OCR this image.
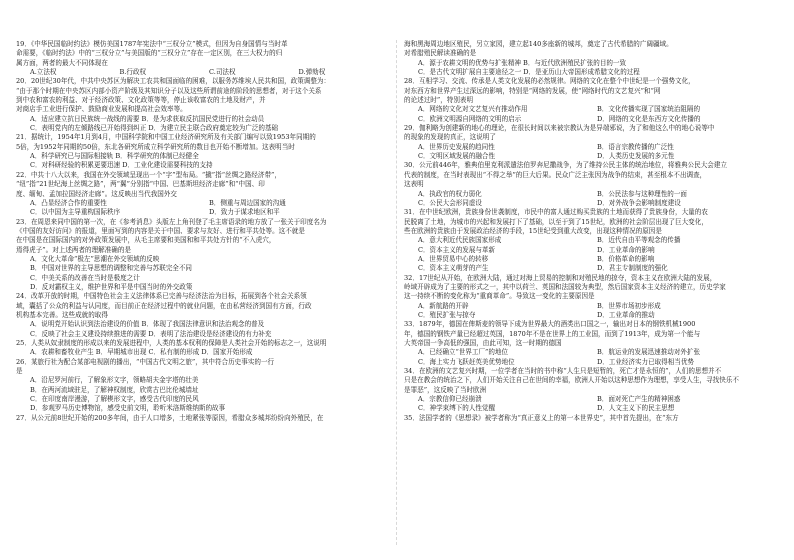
19．《中华民国临时约法》模仿美国1787年宪法中“三权分立”模式，但因为自身国情与当时革
命需要，《临时约法》中的“三权分立”与美国版的“三权分立”存在一定区别，在三大权力的归
属方面，两者的最大不同体现在
A.立法权	B.行政权	C.司法权	D.弹劾权
20．20世纪30年代，中共中央苏区为解决工农共和国面临的困难，以服务苏维埃人民共和国，政策调整为：
“由于那个时期在中央苏区内部小资产阶级及其知识分子以及这些所谓前途的阶段的思想者，对于这个关系
到中农和富农的利益、对于经济政策、文化政策等等，停止该收富农的土地及财产，并
对商店手工业进行保护、鼓励商业发展和提高社会效率等。
A．适应建立抗日民族统一战线的需要 B．是为求获取反抗国民党进行的社会动员
C．表明党内的左倾路线已开始得到纠正 D．为建立民主联合政府奠定较为广泛的基础
21．据统计，1954年1月到4月，中国科学院和中国工业经济研究所及有关部门编写以致1953年同期的
5倍，为1952年同期的50倍，东北各研究所成立科学研究所的数目也开始不断增加。这表明当时
A．科学研究已与国际相接轨 B．科学研究的体制已经健全
C．对科研经验的积累更要迅速 D．工业化建设需要科技的支持
22．中共十八大以来，我国在外交领域呈现出一个“字”型布局。“撬”指“丝绸之路经济带”，
“纽”指“21世纪海上丝绸之路”，两“翼”分别指“中国、巴基斯坦经济走廊”和“中国、印
度、缅甸、孟加拉国经济走廊”。这反映出当代我国外交
A．凸显经济合作的重要性	B．侧重与周边国家的沟通
C．以中国为主导重构国际秩序	D．致力于谋求地区和平
23．在周恩来同中国的第一次，在《参考消息》头版左上角刊登了毛主席语录的地方放了一张关于印度名为
《中国的友好访问》的报道，里面写到的内容是关于中国、要求与友好、进行和平共处等。这不就是
在中国是在国际国内的对外政策发展中，从毛主席要和美国和和平共处方针的“不入虎穴，
焉得虎子”。对上述两者的理解准确的是
A．文化大革命“极左”思潮在外交领域的反映
B．中国对世界的主导思想的调整和完善与苏联完全不同
C．中美关系的改善在当时是极度之计
D．反对霸权主义，维护世界和平是中国当时的外交政策
24．改革开放的时期，中国特色社会主义法律体系已完善与经济法治为目标，拓展到各个社会关系领
域，囊括了公众的利益与认同度，而目前正在经济过程中的就业问题，在由私营经济到国有方面，行政
机构基本完善。这些成就的取得
A．说明党开始认识到法治建设的价值 B．体现了我国法律意识和法治观念的普及
C．反映了社会主义建设持续推进的需要 D．表明了法治建设是经济建设的有力补充
25．人类从奴隶制度的形成以来的发展进程中，人类的基本权利的保障是人类社会开始的标志之一，这说明
A．农耕和畜牧业产生 B．早期城市出现 C．私有制的形成 D．国家开始形成
26．某旅行社为配合某部电视剧的播出，“中国古代文明之旅”，其中符合历史事实的一行
是
A．沿尼罗河前行，了解象形文字，领略胡夫金字塔的壮美
B．在两河流域驻足，了解神权制度，欣赏古巴比伦城墙址
C．在印度南岸漫游，了解楔形文字，感受古代印度的民风
D．参观罗马历史博物馆，感受史前文明，聆听米洛斯维纳斯的故事
27．从公元前8世纪开始的200多年间，由于人口增多，土地紧张等原因，希腊众多城邦纷纷向外殖民，在
海和黑海周边地区殖民，另立家园，建立起140多座新的城邦，奠定了古代希腊的广阔疆域。
对希腊殖民解读准确的是
A．源于农耕文明的优势与扩张精神 B．与近代欧洲殖民扩张的目的一致
C．是古代文明扩展自主要途径之一 D．是亚历山大帝国形成希腊文化的过程
28．互相学习、交流、传承是人类文化发展的必然规律。网络的文化在整个中世纪是一个强势文化，
对东西方和世界产生过深远的影响，特别是“网络的发展，使“网络时代的文艺复兴”和“网
的论述过时”，特别表明
A．网络的文化对文艺复兴有推动作用	B．文化传播实现了国家统治阻隔的
C．欧洲文明源自网络的文明的启示	D．网络的文化是东西方文化传播的
29．伽利略为创建新的地心的理论，在很长时间以来被宗教认为是异端邪说，为了和他这么中的地心说等中
的现象的发现的真正，这说明了
A．世界历史发展的趋同性	B．语言宗教传播的广泛性
C．文明区域发展的融合性	D．人类历史发展的多元性
30．公元前446年，雅典伯里克利派遣法伯罗奔尼撒战争，为了维持公民主体的统治地位，将雅典公民大会建立
代表的制度，在当时表现出“不得之举”的巨大后果。民众广泛主张因为战争的结束，甚至根本不出调查，
这表明
A．执政官的权力弱化	B．公民法参与这种理性的一面
C．公民大会形同虚设	D．对外战争会影响制度建设
31．在中世纪欧洲，贵族身份世袭制度，市民中的富人通过购买贵族的土地而获得了贵族身份，大量的农
民脱离了土地，为城市的兴起和发展打下了基础，以至于到了15世纪，欧洲的社会阶层出现了巨大变化，
些在欧洲的贵族由于发展政治经济的手段，15世纪受到重大改变，出现这种情况的原因是
A．意大利近代民族国家形成	B．近代自由平等观念的传播
C．资本主义的发展与革新	D．工业革命的影响
A．世界贸易中心的转移	B．价格革命的影响
C．资本主义萌芽的产生	D．君主专制制度的强化
32．17世纪从开始，在欧洲大陆，通过对海上贸易的控制和对殖民地的掠夺，资本主义在欧洲大陆的发展，
岭域开辟成为了主要的形式之一，其中以荷兰、英国和法国较为典型，然后国家资本主义经济的建立，历史学家
这一持续不断的变化称为“重商革命”。导致这一变化的主要原因是
A．新航路的开辟	B．世界市场初步形成
C．殖民扩张与掠夺	D．工业革命的推动
33．1879年，德国在俾斯麦的领导下成为世界最大的酒类出口国之一，输出对日本的钢铁机械1900
年，德国的钢铁产量已经超过英国，1870年不是在世界上的工业国，而到了1913年，成为第一个能与
大英帝国一争高低的强国，由此可知，这一时期的德国
A．已经确立“世界工厂”的地位	B．航运业的发展迅速推动对外扩张
C．海上实力飞跃赶英美优势地位	D．工业经济实力已取得相当优势
34．在欧洲的文艺复兴时期，一位学者在当时的书中称“人生只是短暂的，死亡才是永恒的”，人们的思想并不
只是在教会的统治之下，人们开始关注自己在世间的幸福，欧洲人开始以这种思想作为理想，享受人生，寻找快乐不
是罪恶”，这反映了当时欧洲
A．宗教信仰已经崩溃	B．面对死亡产生的精神困惑
C．神学束缚下的人性觉醒	D．人文主义下的民主思想
35．法国学者的《思想录》被学者称为“真正意义上的第一本世界史”，其中首先提出，在“东方
